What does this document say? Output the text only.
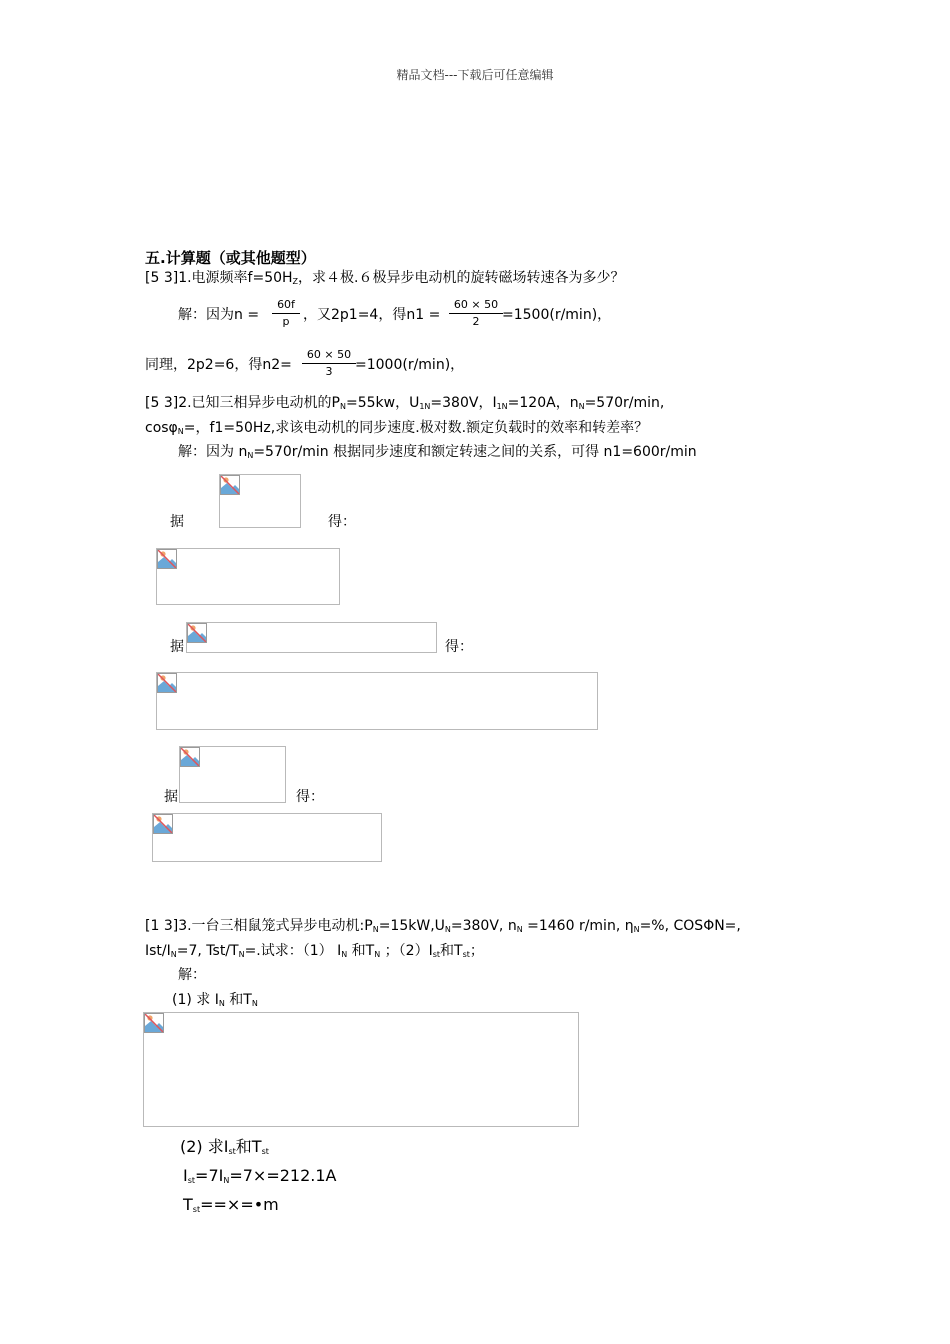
精品文档---下载后可任意编辑
五.计算题（或其他题型）
[5 3]1.电源频率$f=50H_Z$，求４极.６极异步电动机的旋转磁场转速各为多少？
解：因为$n = \frac{60f}{p}$ ，又2p1=4，得$n1 = \frac{60 \times 50}{2} =1500(r/\min)$，
同理，2p2=6，得$n2= \frac{60 \times 50}{3} =1000(r/\min)$，
[5 3]2.已知三相异步电动机的$P_N=55kw$，$U_{1N}=380V$，$I_{1N}=120A$，$n_N=570r/\min$,
cosφ$_N$=，f1=50Hz,求该电动机的同步速度.极对数.额定负载时的效率和转差率？
解：因为 $n_N=570r/\min$ 根据同步速度和额定转速之间的关系，可得 n1=600r/min
据	得：
据	得：
据	得：
[1 3]3.一台三相鼠笼式异步电动机$:P_N=15kW,U_N=380V$, $n_N =1460$ r/min, $\eta_N=\%$, COSΦN=,
Ist/$I_N=7$, Tst/$T_N=$.试求：（1） $I_N$ 和$T_N$ ；$(2)I_{st}$和$T_{st}$；
解：
(1) 求 $I_N$ 和$T_N$
(2) 求$I_{st}$和$T_{st}$
$I_{st}=7I_N=7\times=212.1A$
$T_{st}==\times=•m$
